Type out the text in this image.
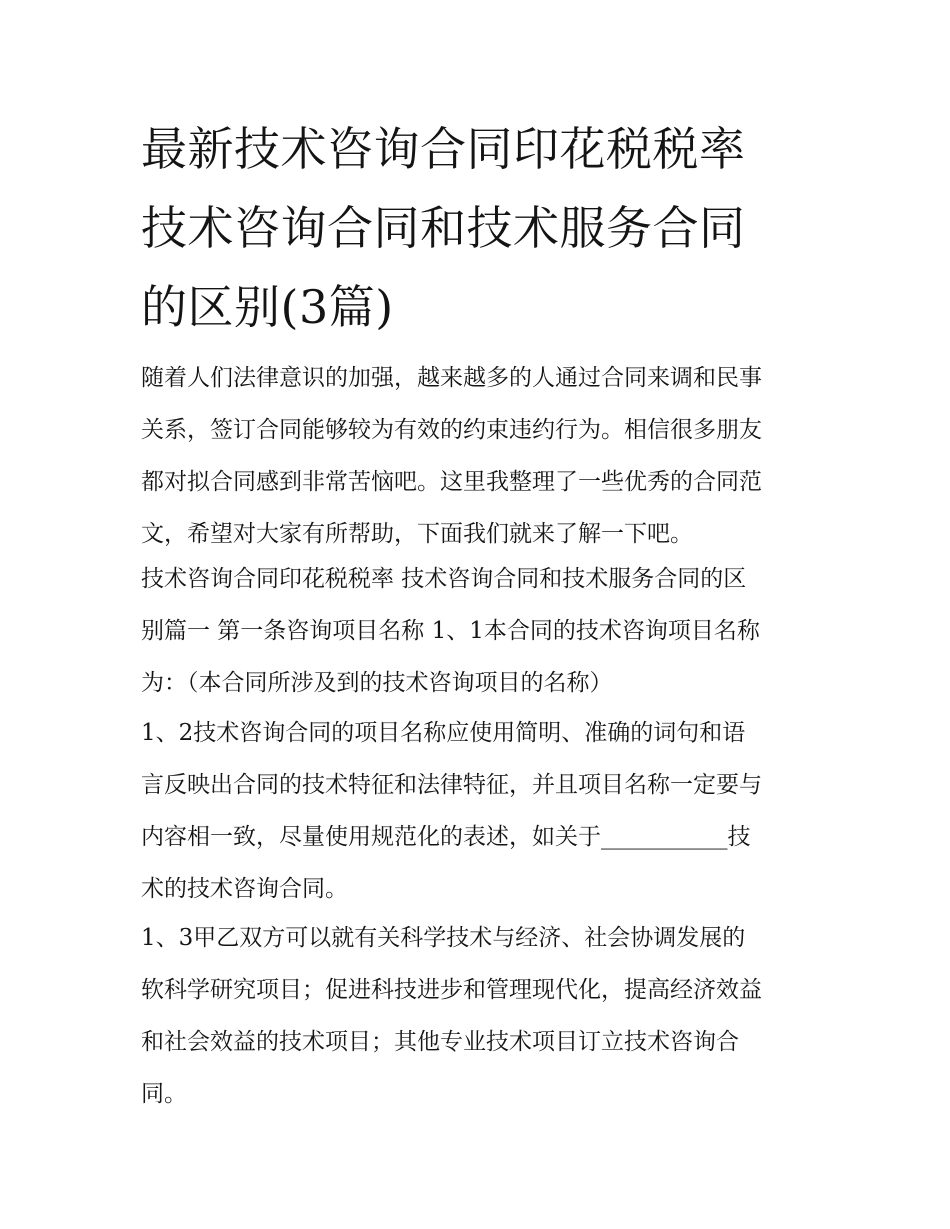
最新技术咨询合同印花税税率
技术咨询合同和技术服务合同
的区别(3篇)

随着人们法律意识的加强，越来越多的人通过合同来调和民事
关系，签订合同能够较为有效的约束违约行为。相信很多朋友
都对拟合同感到非常苦恼吧。这里我整理了一些优秀的合同范
文，希望对大家有所帮助，下面我们就来了解一下吧。

技术咨询合同印花税税率 技术咨询合同和技术服务合同的区
别篇一 第一条咨询项目名称 1、1本合同的技术咨询项目名称
为：（本合同所涉及到的技术咨询项目的名称）

1、2技术咨询合同的项目名称应使用简明、准确的词句和语
言反映出合同的技术特征和法律特征，并且项目名称一定要与
内容相一致，尽量使用规范化的表述，如关于___________技
术的技术咨询合同。

1、3甲乙双方可以就有关科学技术与经济、社会协调发展的
软科学研究项目；促进科技进步和管理现代化，提高经济效益
和社会效益的技术项目；其他专业技术项目订立技术咨询合
同。
